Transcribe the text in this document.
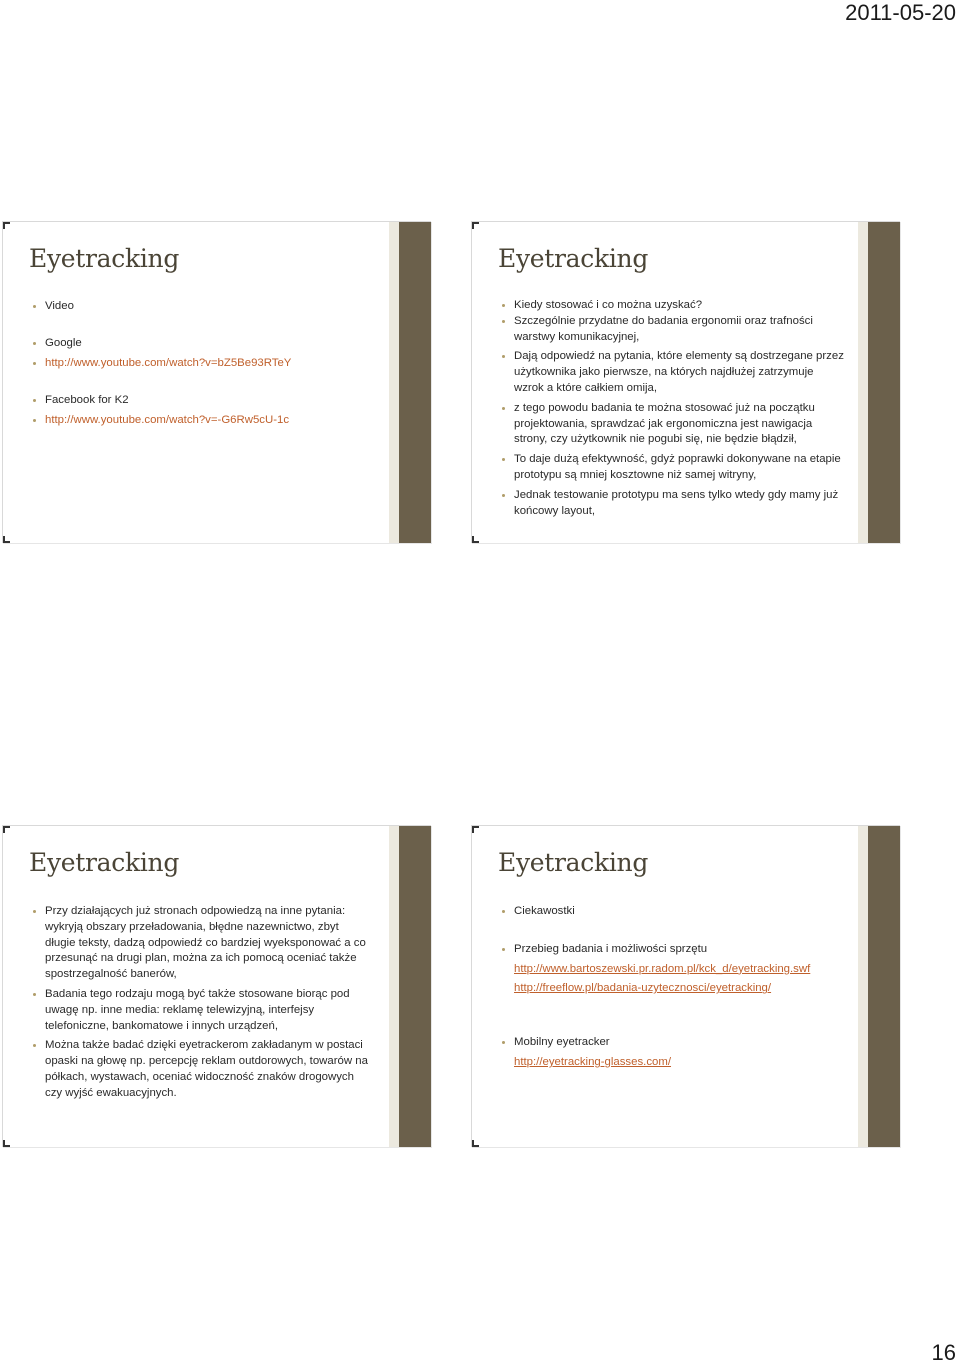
2011-05-20
Eyetracking
Video
Google
http://www.youtube.com/watch?v=bZ5Be93RTeY
Facebook for K2
http://www.youtube.com/watch?v=-G6Rw5cU-1c
Eyetracking
Kiedy stosować i co można uzyskać?
Szczególnie przydatne do badania ergonomii oraz trafności warstwy komunikacyjnej,
Dają odpowiedź na pytania, które elementy są dostrzegane przez użytkownika jako pierwsze, na których najdłużej zatrzymuje wzrok a które całkiem omija,
z tego powodu badania te można stosować już na początku projektowania, sprawdzać jak ergonomiczna jest nawigacja strony, czy użytkownik nie pogubi się, nie będzie błądził,
To daje dużą efektywność, gdyż poprawki dokonywane na etapie prototypu są mniej kosztowne niż samej witryny,
Jednak testowanie prototypu ma sens tylko wtedy gdy mamy już końcowy layout,
Eyetracking
Przy działających już stronach odpowiedzą na inne pytania: wykryją obszary przeładowania, błędne nazewnictwo, zbyt długie teksty, dadzą odpowiedź co bardziej wyeksponować a co przesunąć na drugi plan, można za ich pomocą oceniać także spostrzegalność banerów,
Badania tego rodzaju mogą być także stosowane biorąc pod uwagę np. inne media: reklamę telewizyjną, interfejsy telefoniczne, bankomatowe i innych urządzeń,
Można także badać dzięki eyetrackerom zakładanym w postaci opaski na głowę np. percepcję reklam outdorowych, towarów na półkach, wystawach, oceniać widoczność znaków drogowych czy wyjść ewakuacyjnych.
Eyetracking
Ciekawostki
Przebieg badania i możliwości sprzętu
http://www.bartoszewski.pr.radom.pl/kck_d/eyetracking.swf
http://freeflow.pl/badania-uzytecznosci/eyetracking/
Mobilny eyetracker
http://eyetracking-glasses.com/
16
